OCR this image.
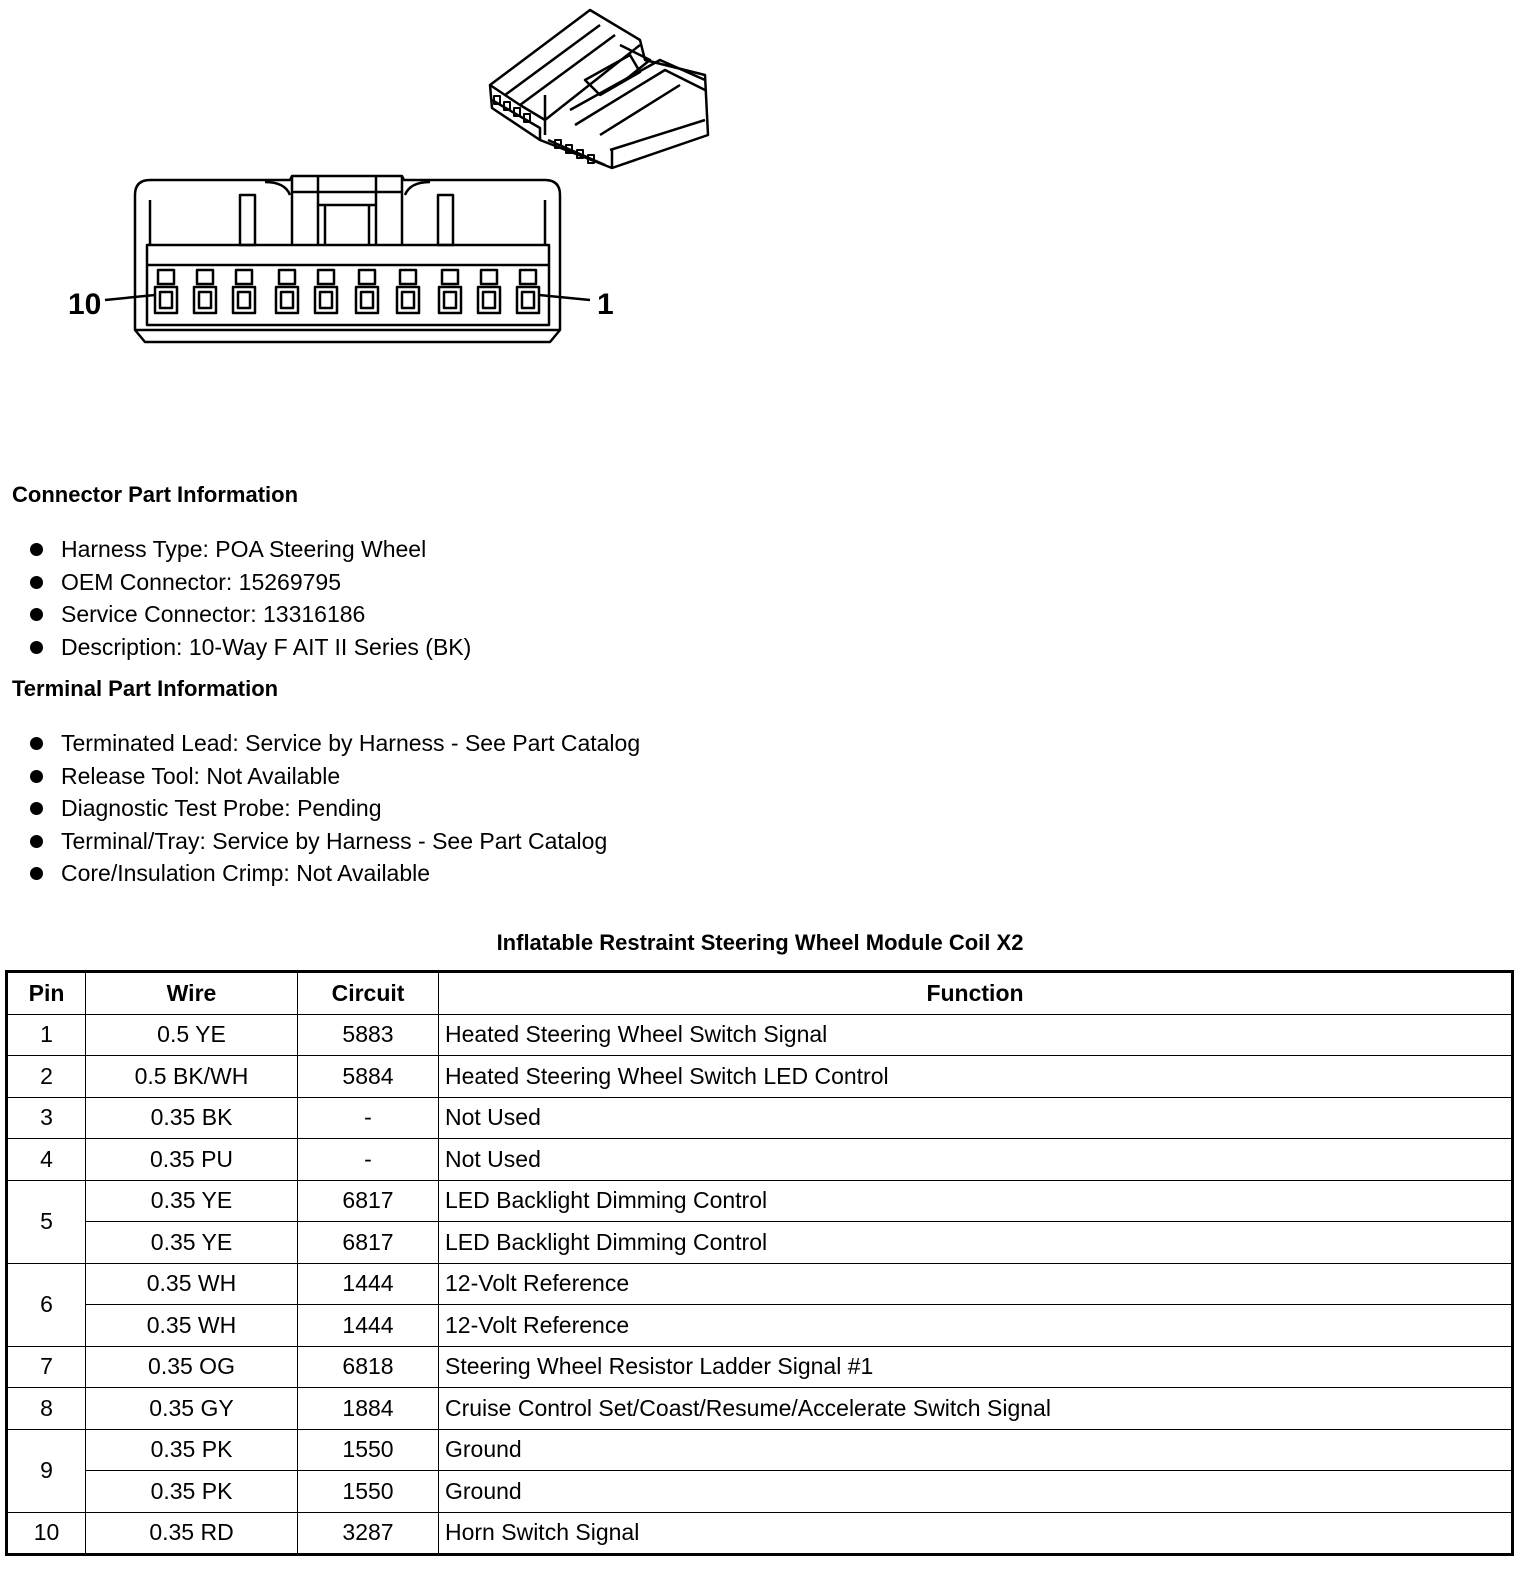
10	1
Connector Part Information
Harness Type: POA Steering Wheel
OEM Connector: 15269795
Service Connector: 13316186
Description: 10-Way F AIT II Series (BK)
Terminal Part Information
Terminated Lead: Service by Harness - See Part Catalog
Release Tool: Not Available
Diagnostic Test Probe: Pending
Terminal/Tray: Service by Harness - See Part Catalog
Core/Insulation Crimp: Not Available
Inflatable Restraint Steering Wheel Module Coil X2
Pin	Wire	Circuit	Function
1	0.5 YE	5883	Heated Steering Wheel Switch Signal
2	0.5 BK/WH	5884	Heated Steering Wheel Switch LED Control
3	0.35 BK	-	Not Used
4	0.35 PU	-	Not Used
5	0.35 YE	6817	LED Backlight Dimming Control
	0.35 YE	6817	LED Backlight Dimming Control
6	0.35 WH	1444	12-Volt Reference
	0.35 WH	1444	12-Volt Reference
7	0.35 OG	6818	Steering Wheel Resistor Ladder Signal #1
8	0.35 GY	1884	Cruise Control Set/Coast/Resume/Accelerate Switch Signal
9	0.35 PK	1550	Ground
	0.35 PK	1550	Ground
10	0.35 RD	3287	Horn Switch Signal
